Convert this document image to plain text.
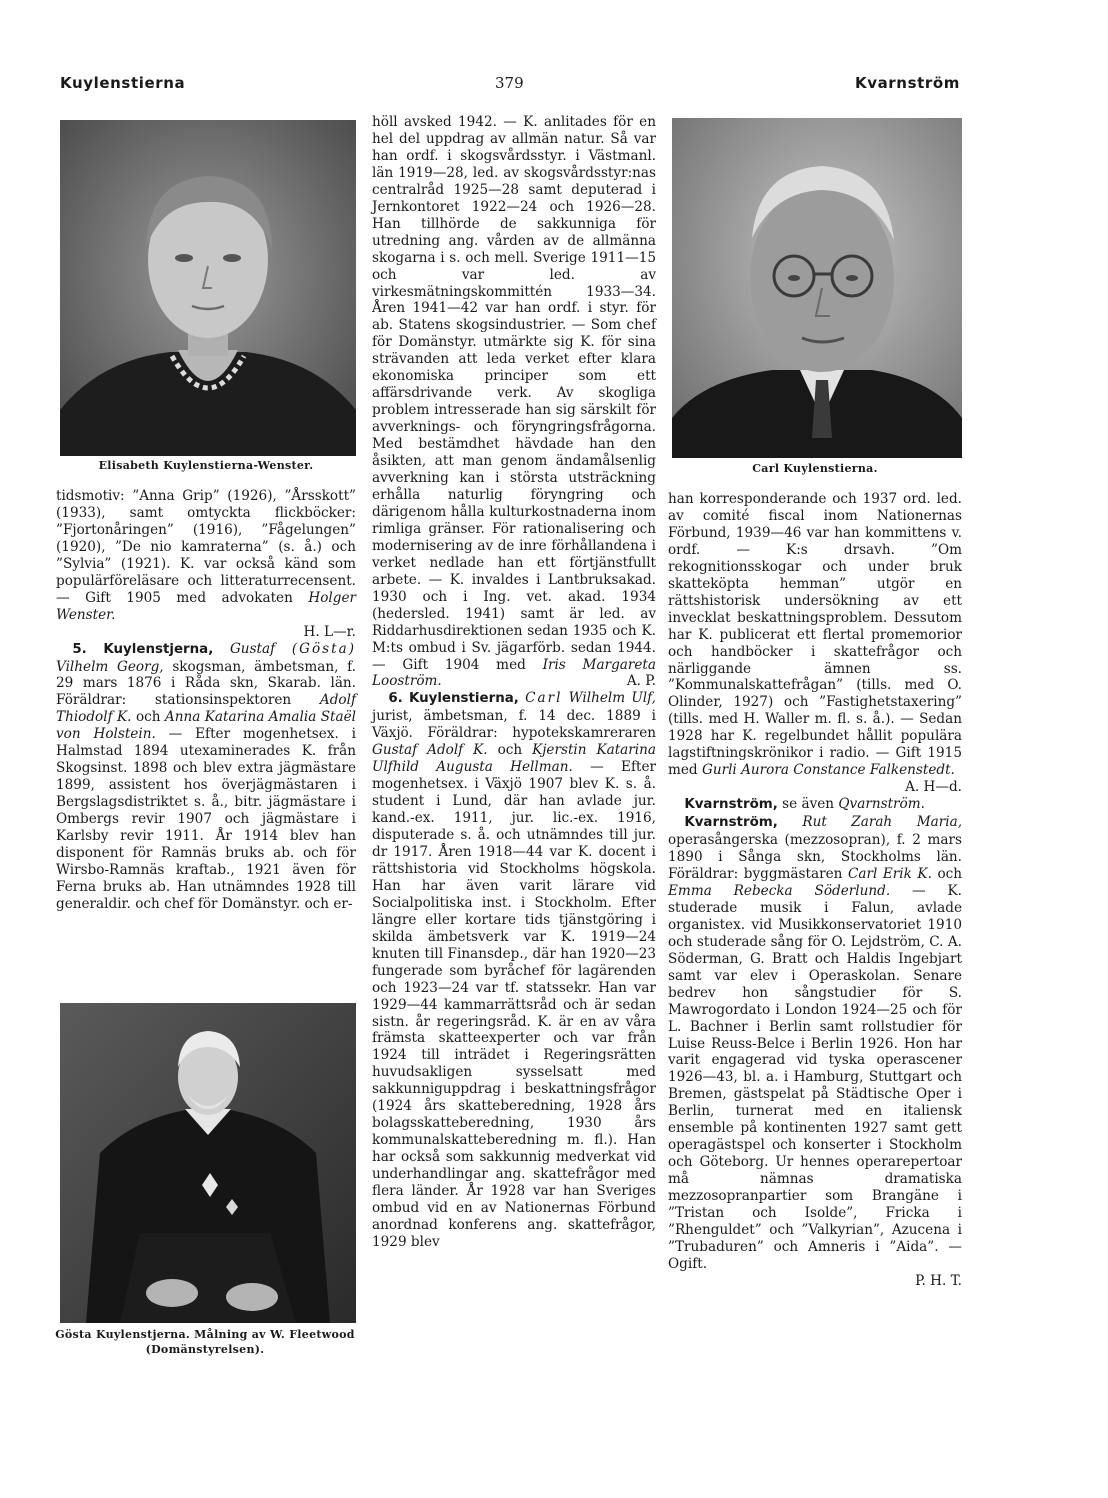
Kuylenstierna	379	Kvarnström
Elisabeth Kuylenstierna-Wenster.

tidsmotiv: ”Anna Grip” (1926), ”Årsskott” (1933), samt omtyckta flickböcker: ”Fjortonåringen” (1916), ”Fågelungen” (1920), ”De nio kamraterna” (s. å.) och ”Sylvia” (1921). K. var också känd som populärföreläsare och litteraturrecensent. — Gift 1905 med advokaten Holger Wenster.

H. L—r.

5. Kuylenstjerna, Gustaf (Gösta) Vilhelm Georg, skogsman, ämbetsman, f. 29 mars 1876 i Råda skn, Skarab. län. Föräldrar: stationsinspektoren Adolf Thiodolf K. och Anna Katarina Amalia Staël von Holstein. — Efter mogenhetsex. i Halmstad 1894 utexaminerades K. från Skogsinst. 1898 och blev extra jägmästare 1899, assistent hos överjägmästaren i Bergslagsdistriktet s. å., bitr. jägmästare i Ombergs revir 1907 och jägmästare i Karlsby revir 1911. År 1914 blev han disponent för Ramnäs bruks ab. och för Wirsbo-Ramnäs kraftab., 1921 även för Ferna bruks ab. Han utnämndes 1928 till generaldir. och chef för Domänstyr. och er-

Gösta Kuylenstjerna. Målning av W. Fleetwood (Domänstyrelsen).

höll avsked 1942. — K. anlitades för en hel del uppdrag av allmän natur. Så var han ordf. i skogsvårdsstyr. i Västmanl. län 1919—28, led. av skogsvårdsstyr:nas centralråd 1925—28 samt deputerad i Jernkontoret 1922—24 och 1926—28. Han tillhörde de sakkunniga för utredning ang. vården av de allmänna skogarna i s. och mell. Sverige 1911—15 och var led. av virkesmätningskommittén 1933—34. Åren 1941—42 var han ordf. i styr. för ab. Statens skogsindustrier. — Som chef för Domänstyr. utmärkte sig K. för sina strävanden att leda verket efter klara ekonomiska principer som ett affärsdrivande verk. Av skogliga problem intresserade han sig särskilt för avverknings- och föryngringsfrågorna. Med bestämdhet hävdade han den åsikten, att man genom ändamålsenlig avverkning kan i största utsträckning erhålla naturlig föryngring och därigenom hålla kulturkostnaderna inom rimliga gränser. För rationalisering och modernisering av de inre förhållandena i verket nedlade han ett förtjänstfullt arbete. — K. invaldes i Lantbruksakad. 1930 och i Ing. vet. akad. 1934 (hedersled. 1941) samt är led. av Riddarhusdirektionen sedan 1935 och K. M:ts ombud i Sv. jägarförb. sedan 1944. — Gift 1904 med Iris Margareta Looström.	A. P.

6. Kuylenstierna, Carl Wilhelm Ulf, jurist, ämbetsman, f. 14 dec. 1889 i Växjö. Föräldrar: hypotekskamreraren Gustaf Adolf K. och Kjerstin Katarina Ulfhild Augusta Hellman. — Efter mogenhetsex. i Växjö 1907 blev K. s. å. student i Lund, där han avlade jur. kand.-ex. 1911, jur. lic.-ex. 1916, disputerade s. å. och utnämndes till jur. dr 1917. Åren 1918—44 var K. docent i rättshistoria vid Stockholms högskola. Han har även varit lärare vid Socialpolitiska inst. i Stockholm. Efter längre eller kortare tids tjänstgöring i skilda ämbetsverk var K. 1919—24 knuten till Finansdep., där han 1920—23 fungerade som byråchef för lagärenden och 1923—24 var tf. statssekr. Han var 1929—44 kammarrättsråd och är sedan sistn. år regeringsråd. K. är en av våra främsta skatteexperter och var från 1924 till inträdet i Regeringsrätten huvudsakligen sysselsatt med sakkunniguppdrag i beskattningsfrågor (1924 års skatteberedning, 1928 års bolagsskatteberedning, 1930 års kommunalskatteberedning m. fl.). Han har också som sakkunnig medverkat vid underhandlingar ang. skattefrågor med flera länder. År 1928 var han Sveriges ombud vid en av Nationernas Förbund anordnad konferens ang. skattefrågor, 1929 blev

Carl Kuylenstierna.

han korresponderande och 1937 ord. led. av comité fiscal inom Nationernas Förbund, 1939—46 var han kommittens v. ordf. — K:s drsavh. ”Om rekognitionsskogar och under bruk skatteköpta hemman” utgör en rättshistorisk undersökning av ett invecklat beskattningsproblem. Dessutom har K. publicerat ett flertal promemorior och handböcker i skattefrågor och närliggande ämnen ss. ”Kommunalskattefrågan” (tills. med O. Olinder, 1927) och ”Fastighetstaxering” (tills. med H. Waller m. fl. s. å.). — Sedan 1928 har K. regelbundet hållit populära lagstiftningskrönikor i radio. — Gift 1915 med Gurli Aurora Constance Falkenstedt.
A. H—d.

Kvarnström, se även Qvarnström.

Kvarnström, Rut Zarah Maria, operasångerska (mezzosopran), f. 2 mars 1890 i Sånga skn, Stockholms län. Föräldrar: byggmästaren Carl Erik K. och Emma Rebecka Söderlund. — K. studerade musik i Falun, avlade organistex. vid Musikkonservatoriet 1910 och studerade sång för O. Lejdström, C. A. Söderman, G. Bratt och Haldis Ingebjart samt var elev i Operaskolan. Senare bedrev hon sångstudier för S. Mawrogordato i London 1924—25 och för L. Bachner i Berlin samt rollstudier för Luise Reuss-Belce i Berlin 1926. Hon har varit engagerad vid tyska operascener 1926—43, bl. a. i Hamburg, Stuttgart och Bremen, gästspelat på Städtische Oper i Berlin, turnerat med en italiensk ensemble på kontinenten 1927 samt gett operagästspel och konserter i Stockholm och Göteborg. Ur hennes operarepertoar må nämnas dramatiska mezzosopranpartier som Brangäne i ”Tristan och Isolde”, Fricka i ”Rhenguldet” och ”Valkyrian”, Azucena i ”Trubaduren” och Amneris i ”Aida”. — Ogift.

P. H. T.
